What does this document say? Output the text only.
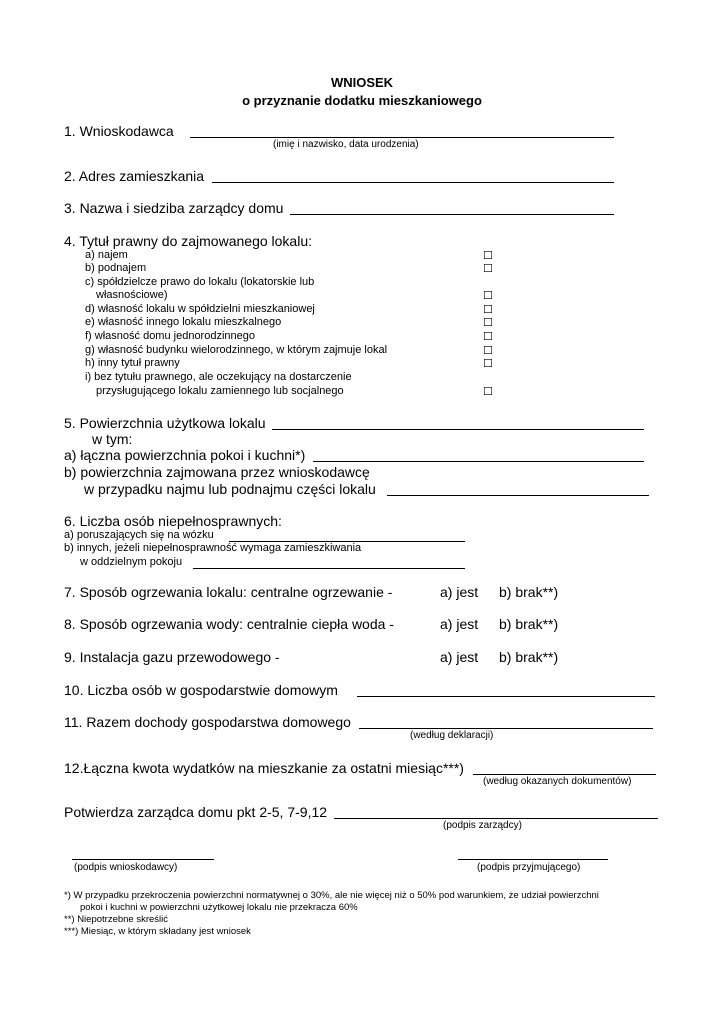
WNIOSEK
o przyznanie dodatku mieszkaniowego
1. Wnioskodawca
(imię i nazwisko, data urodzenia)
2. Adres zamieszkania
3. Nazwa i siedziba zarządcy domu
4. Tytuł prawny do zajmowanego lokalu:
a) najem	☐
b) podnajem	☐
c) spółdzielcze prawo do lokalu (lokatorskie lub
własnościowe)	☐
d) własność lokalu w spółdzielni mieszkaniowej	☐
e) własność innego lokalu mieszkalnego	☐
f) własność domu jednorodzinnego	☐
g) własność budynku wielorodzinnego, w którym zajmuje lokal	☐
h) inny tytuł prawny	☐
i) bez tytułu prawnego, ale oczekujący na dostarczenie
przysługującego lokalu zamiennego lub socjalnego	☐
5. Powierzchnia użytkowa lokalu
w tym:
a) łączna powierzchnia pokoi i kuchni*)
b) powierzchnia zajmowana przez wnioskodawcę
w przypadku najmu lub podnajmu części lokalu
6. Liczba osób niepełnosprawnych:
a) poruszających się na wózku
b) innych, jeżeli niepełnosprawność wymaga zamieszkiwania
w oddzielnym pokoju
7. Sposób ogrzewania lokalu: centralne ogrzewanie -	a) jest b) brak**)
8. Sposób ogrzewania wody: centralnie ciepła woda -	a) jest b) brak**)
9. Instalacja gazu przewodowego -	a) jest b) brak**)
10. Liczba osób w gospodarstwie domowym
11. Razem dochody gospodarstwa domowego
(według deklaracji)
12.Łączna kwota wydatków na mieszkanie za ostatni miesiąc***)
(według okazanych dokumentów)
Potwierdza zarządca domu pkt 2-5, 7-9,12
(podpis zarządcy)
(podpis wnioskodawcy)	(podpis przyjmującego)
*) W przypadku przekroczenia powierzchni normatywnej o 30%, ale nie więcej niż o 50% pod warunkiem, że udział powierzchni
pokoi i kuchni w powierzchni użytkowej lokalu nie przekracza 60%
**) Niepotrzebne skreślić
***) Miesiąc, w którym składany jest wniosek
